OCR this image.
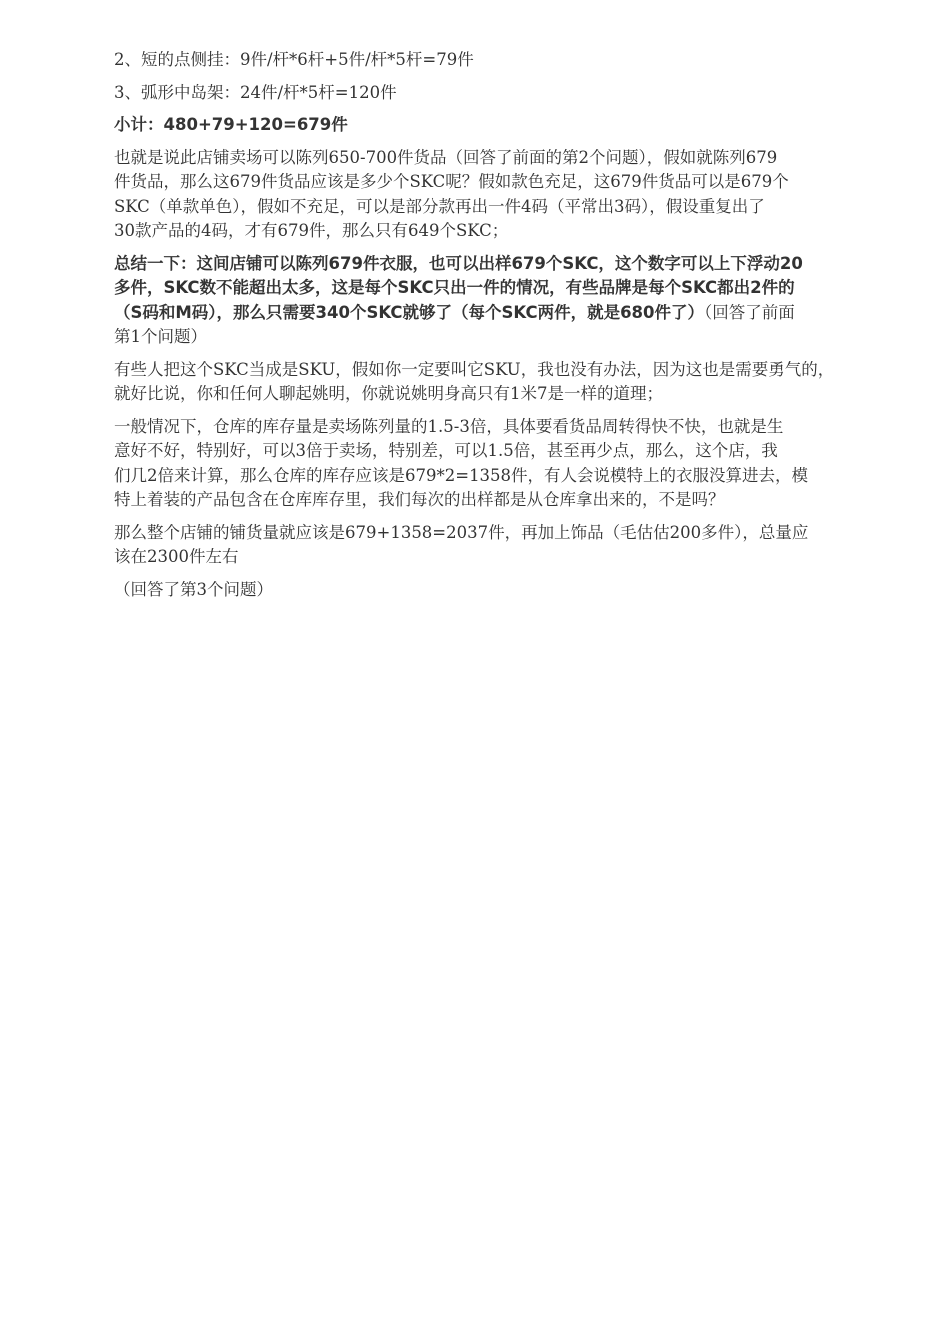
2、短的点侧挂：9件/杆*6杆+5件/杆*5杆=79件

3、弧形中岛架：24件/杆*5杆=120件

小计：480+79+120=679件

也就是说此店铺卖场可以陈列650-700件货品（回答了前面的第2个问题），假如就陈列679
件货品，那么这679件货品应该是多少个SKC呢？假如款色充足，这679件货品可以是679个
SKC（单款单色），假如不充足，可以是部分款再出一件4码（平常出3码），假设重复出了
30款产品的4码，才有679件，那么只有649个SKC；

总结一下：这间店铺可以陈列679件衣服，也可以出样679个SKC，这个数字可以上下浮动20
多件，SKC数不能超出太多，这是每个SKC只出一件的情况，有些品牌是每个SKC都出2件的
（S码和M码），那么只需要340个SKC就够了（每个SKC两件，就是680件了）（回答了前面
第1个问题）

有些人把这个SKC当成是SKU，假如你一定要叫它SKU，我也没有办法，因为这也是需要勇气的，
就好比说，你和任何人聊起姚明，你就说姚明身高只有1米7是一样的道理；

一般情况下，仓库的库存量是卖场陈列量的1.5-3倍，具体要看货品周转得快不快，也就是生
意好不好，特别好，可以3倍于卖场，特别差，可以1.5倍，甚至再少点，那么，这个店，我
们几2倍来计算，那么仓库的库存应该是679*2=1358件，有人会说模特上的衣服没算进去，模
特上着装的产品包含在仓库库存里，我们每次的出样都是从仓库拿出来的，不是吗？

那么整个店铺的铺货量就应该是679+1358=2037件，再加上饰品（毛估估200多件），总量应
该在2300件左右

（回答了第3个问题）
